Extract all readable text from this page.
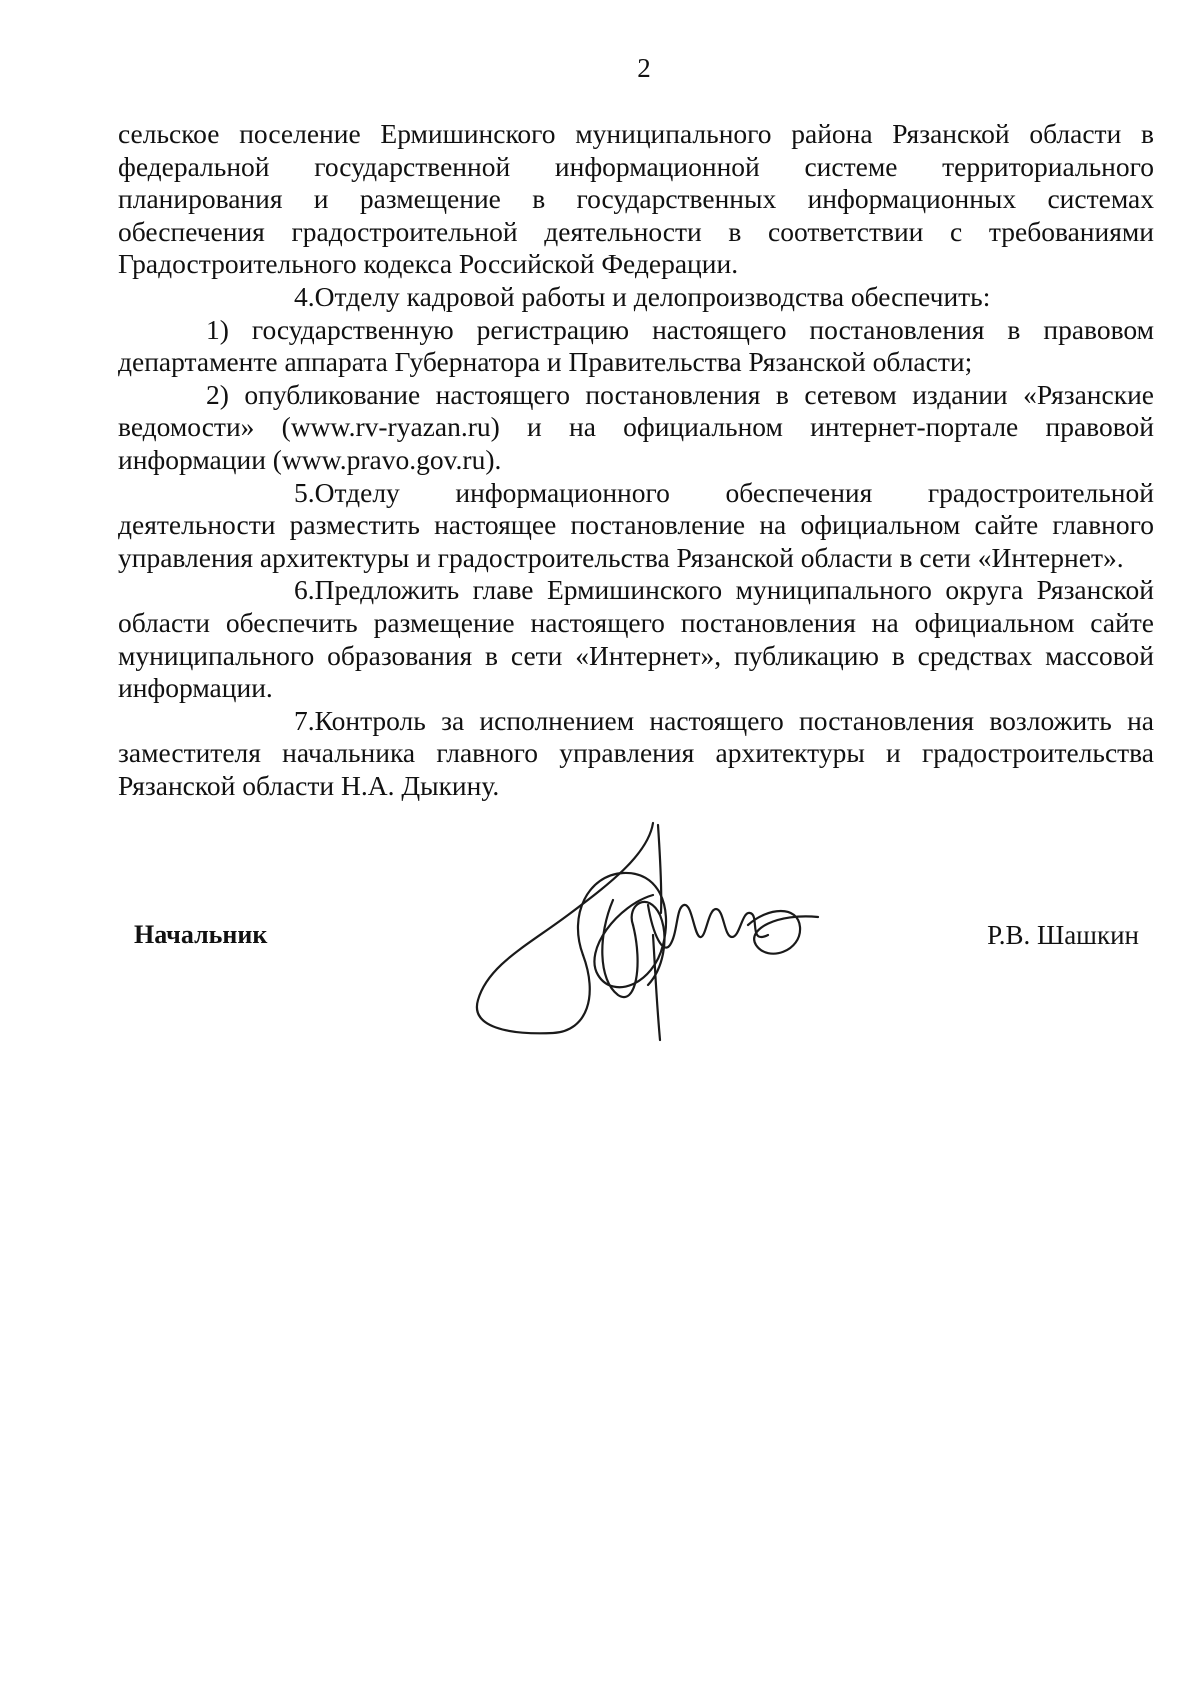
2

сельское поселение Ермишинского муниципального района Рязанской области в федеральной государственной информационной системе территориального планирования и размещение в государственных информационных системах обеспечения градостроительной деятельности в соответствии с требованиями Градостроительного кодекса Российской Федерации.

4.Отделу кадровой работы и делопроизводства обеспечить:

1) государственную регистрацию настоящего постановления в правовом департаменте аппарата Губернатора и Правительства Рязанской области;

2) опубликование настоящего постановления в сетевом издании «Рязанские ведомости» (www.rv-ryazan.ru) и на официальном интернет-портале правовой информации (www.pravo.gov.ru).

5.Отделу информационного обеспечения градостроительной деятельности разместить настоящее постановление на официальном сайте главного управления архитектуры и градостроительства Рязанской области в сети «Интернет».

6.Предложить главе Ермишинского муниципального округа Рязанской области обеспечить размещение настоящего постановления на официальном сайте муниципального образования в сети «Интернет», публикацию в средствах массовой информации.

7.Контроль за исполнением настоящего постановления возложить на заместителя начальника главного управления архитектуры и градостроительства Рязанской области Н.А. Дыкину.

Начальник	Р.В. Шашкин
